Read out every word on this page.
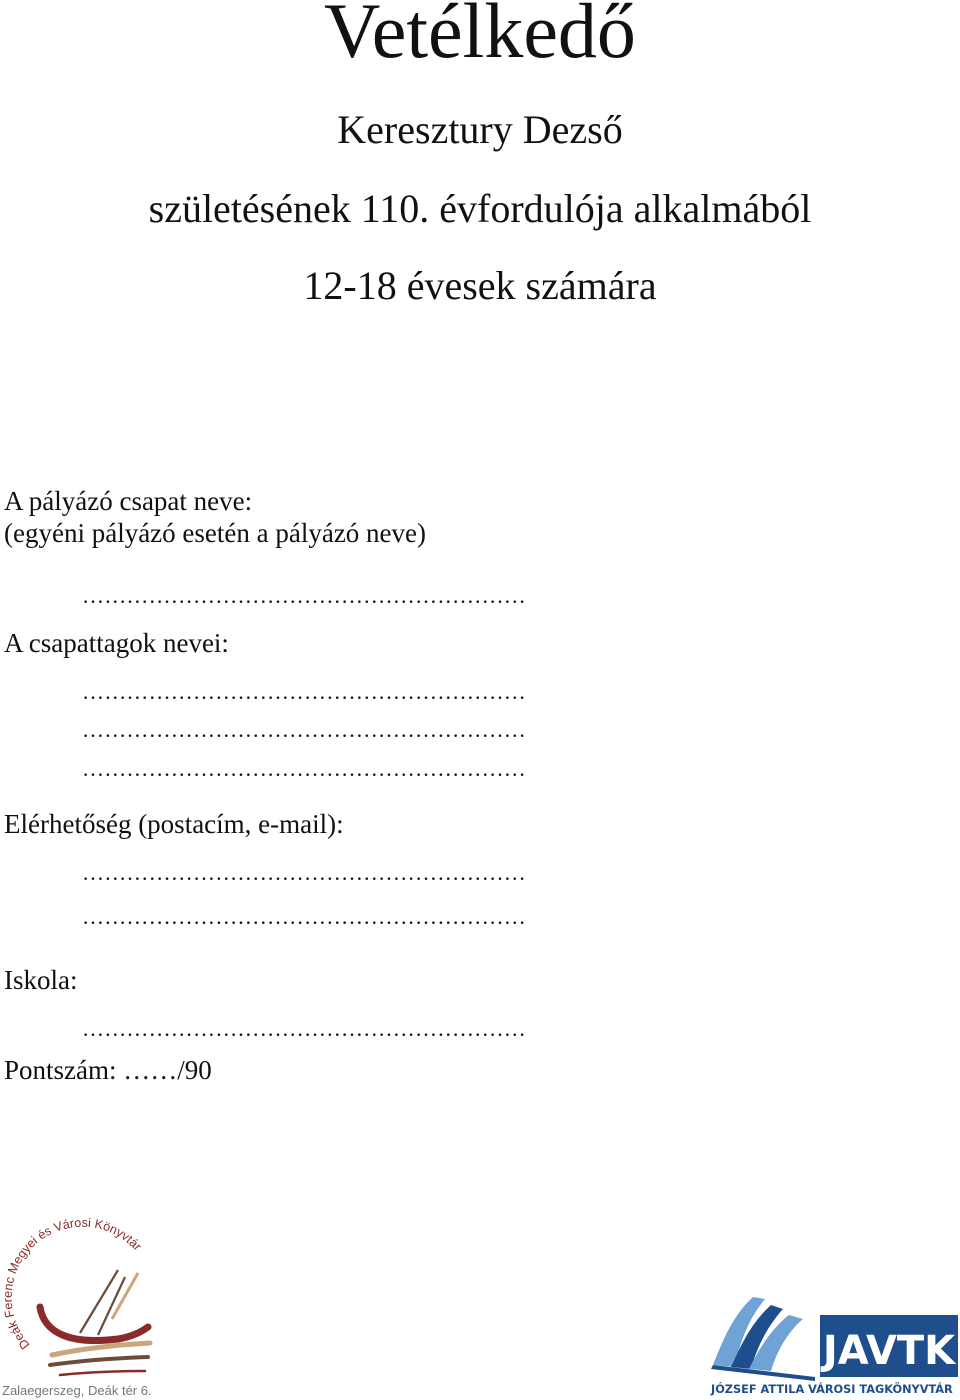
Vetélkedő
Keresztury Dezső
születésének 110. évfordulója alkalmából
12-18 évesek számára
A pályázó csapat neve:
(egyéni pályázó esetén a pályázó neve)
……………………………………………………
A csapattagok nevei:
……………………………………………………
……………………………………………………
……………………………………………………
Elérhetőség (postacím, e-mail):
……………………………………………………
……………………………………………………
Iskola:
……………………………………………………
Pontszám: ……/90
Deák Ferenc Megyei és Városi Könyvtár
Zalaegerszeg, Deák tér 6.
JAVTK
JÓZSEF ATTILA VÁROSI TAGKÖNYVTÁR
